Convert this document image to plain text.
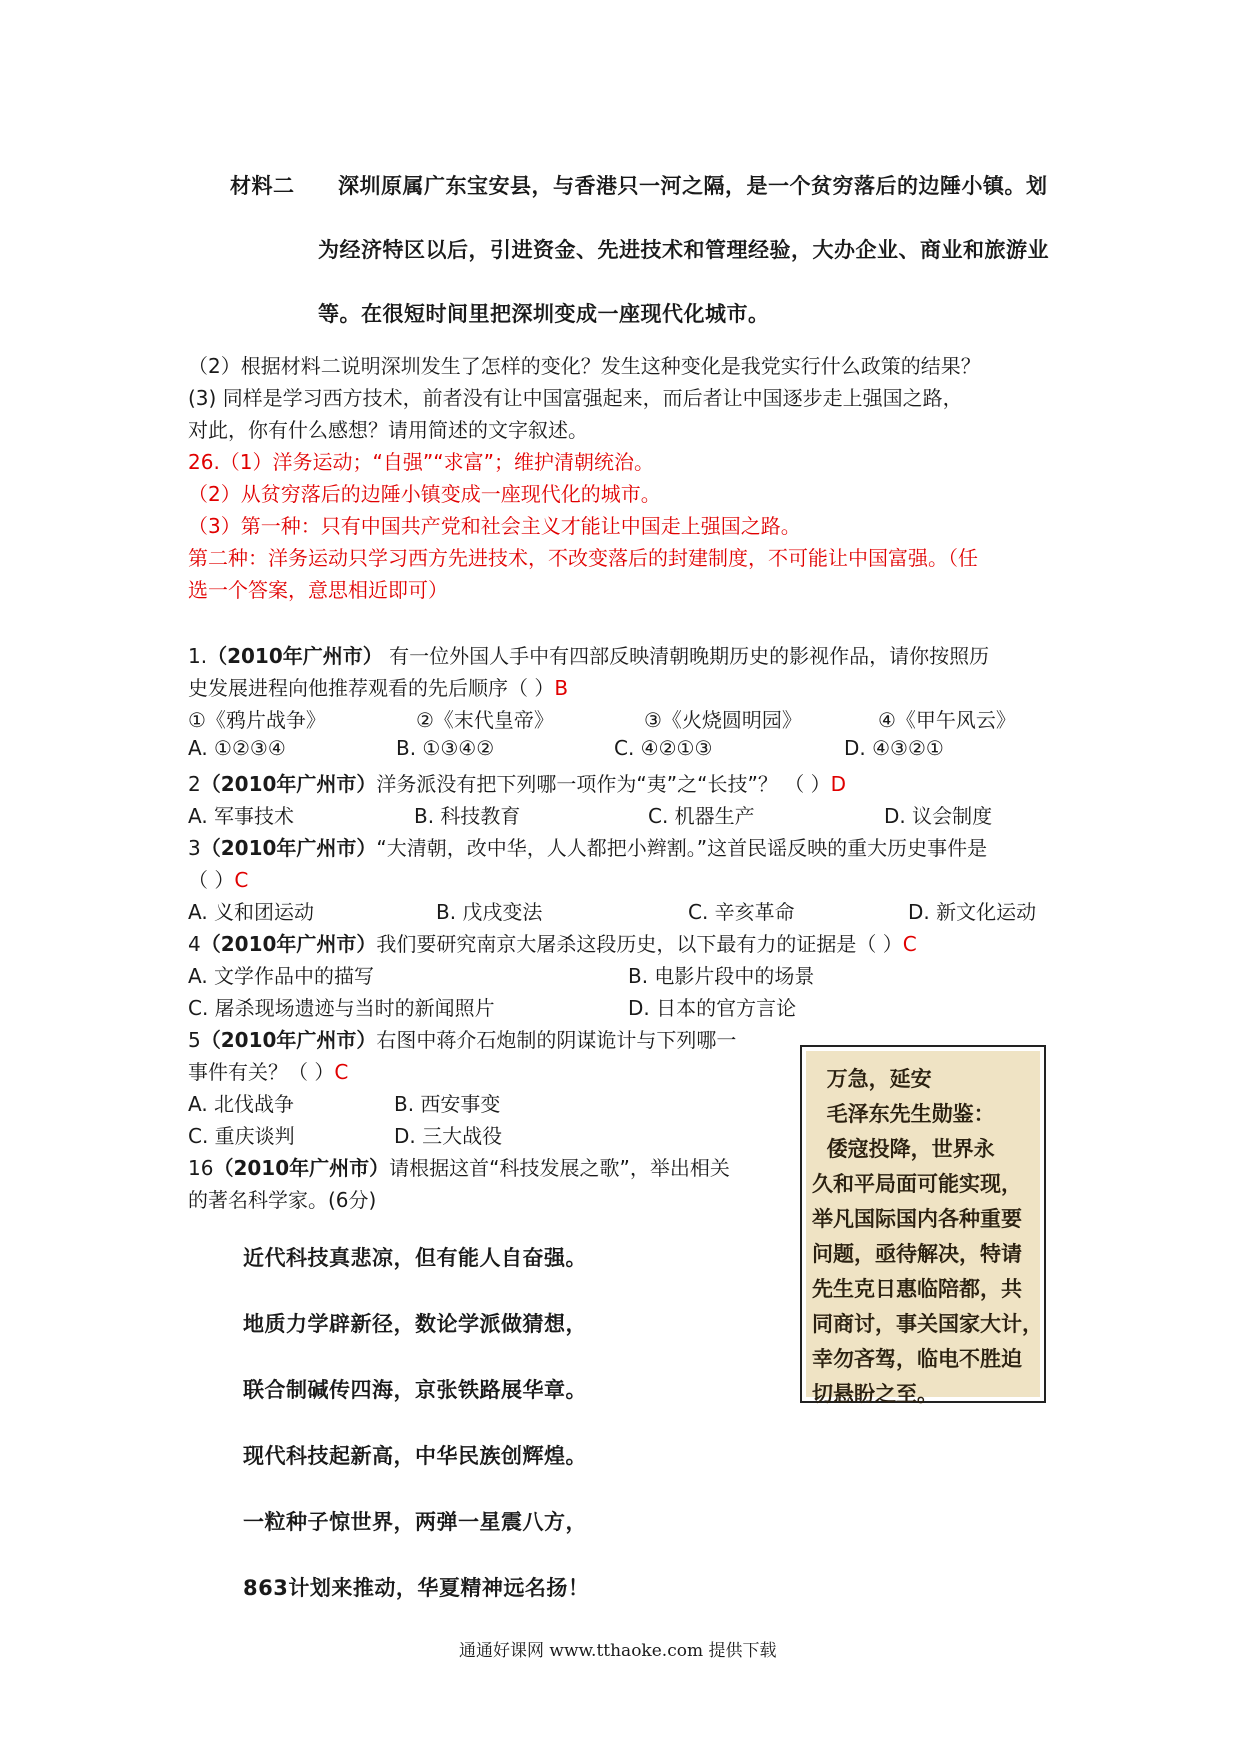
材料二 深圳原属广东宝安县，与香港只一河之隔，是一个贫穷落后的边陲小镇。划
为经济特区以后，引进资金、先进技术和管理经验，大办企业、商业和旅游业
等。在很短时间里把深圳变成一座现代化城市。
（2）根据材料二说明深圳发生了怎样的变化？发生这种变化是我党实行什么政策的结果？
(3) 同样是学习西方技术，前者没有让中国富强起来，而后者让中国逐步走上强国之路，
对此，你有什么感想？请用简述的文字叙述。
26.（1）洋务运动；“自强”“求富”；维护清朝统治。
（2）从贫穷落后的边陲小镇变成一座现代化的城市。
（3）第一种：只有中国共产党和社会主义才能让中国走上强国之路。
第二种：洋务运动只学习西方先进技术，不改变落后的封建制度，不可能让中国富强。（任
选一个答案，意思相近即可）
1.（2010年广州市） 有一位外国人手中有四部反映清朝晚期历史的影视作品，请你按照历
史发展进程向他推荐观看的先后顺序（ ）B
①《鸦片战争》	②《末代皇帝》	③《火烧圆明园》	④《甲午风云》
A. ①②③④	B. ①③④②	C. ④②①③	D. ④③②①
2（2010年广州市）洋务派没有把下列哪一项作为“夷”之“长技”？ （ ）D
A. 军事技术	B. 科技教育	C. 机器生产	D. 议会制度
3（2010年广州市）“大清朝，改中华，人人都把小辫割。”这首民谣反映的重大历史事件是
（ ）C
A. 义和团运动	B. 戊戌变法	C. 辛亥革命	D. 新文化运动
4（2010年广州市）我们要研究南京大屠杀这段历史，以下最有力的证据是（ ）C
A. 文学作品中的描写	B. 电影片段中的场景
C. 屠杀现场遗迹与当时的新闻照片	D. 日本的官方言论
5（2010年广州市）右图中蒋介石炮制的阴谋诡计与下列哪一
事件有关？（ ）C
A. 北伐战争	B. 西安事变
C. 重庆谈判	D. 三大战役
16（2010年广州市）请根据这首“科技发展之歌”，举出相关
的著名科学家。(6分)
万急，延安
毛泽东先生勋鉴：
倭寇投降，世界永
久和平局面可能实现，
举凡国际国内各种重要
问题，亟待解决，特请
先生克日惠临陪都，共
同商讨，事关国家大计，
幸勿吝驾，临电不胜迫
切悬盼之至。
近代科技真悲凉，但有能人自奋强。
地质力学辟新径，数论学派做猜想，
联合制碱传四海，京张铁路展华章。
现代科技起新高，中华民族创辉煌。
一粒种子惊世界，两弹一星震八方，
863计划来推动，华夏精神远名扬！
通通好课网 www.tthaoke.com 提供下载
